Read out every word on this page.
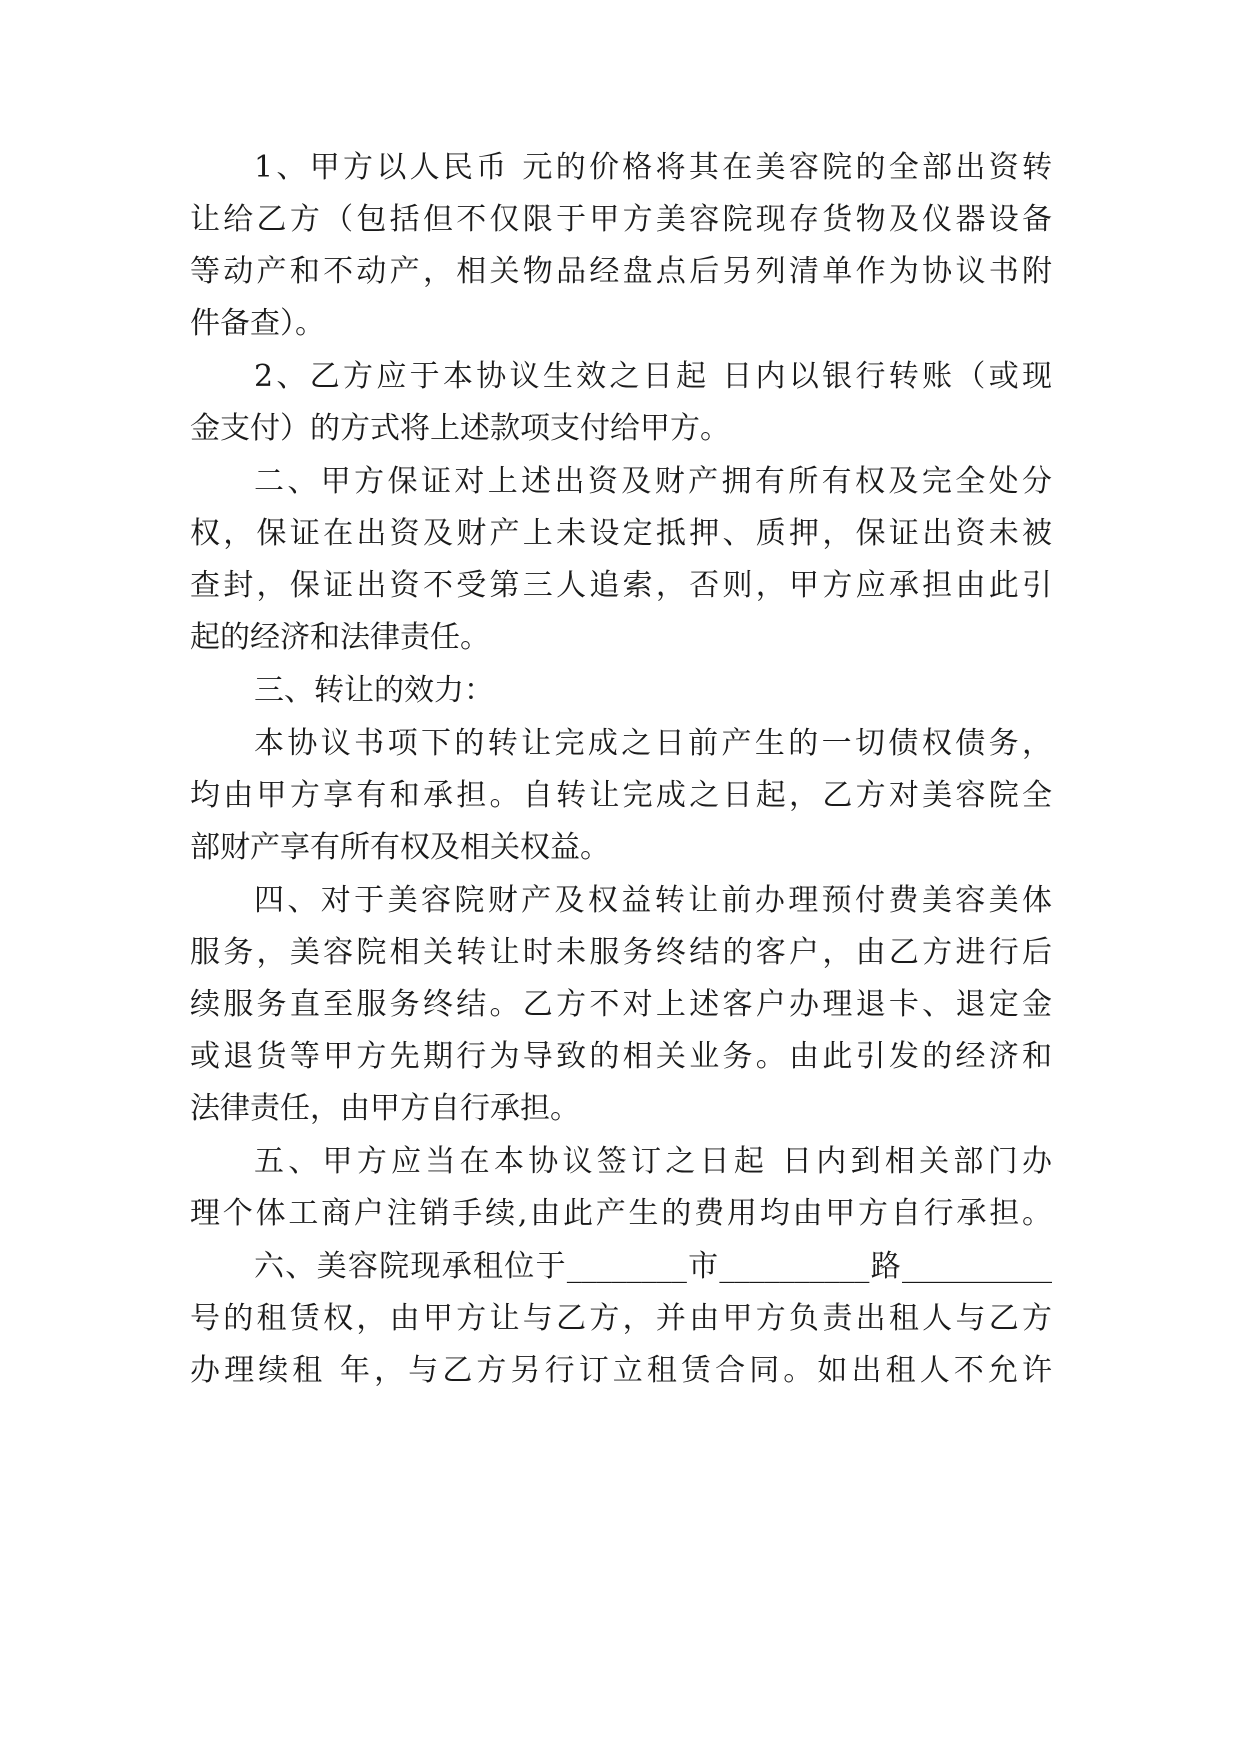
1、甲方以人民币 元的价格将其在美容院的全部出资转
让给乙方（包括但不仅限于甲方美容院现存货物及仪器设备
等动产和不动产，相关物品经盘点后另列清单作为协议书附
件备查）。
2、乙方应于本协议生效之日起 日内以银行转账（或现
金支付）的方式将上述款项支付给甲方。
二、甲方保证对上述出资及财产拥有所有权及完全处分
权，保证在出资及财产上未设定抵押、质押，保证出资未被
查封，保证出资不受第三人追索，否则，甲方应承担由此引
起的经济和法律责任。
三、转让的效力：
本协议书项下的转让完成之日前产生的一切债权债务，
均由甲方享有和承担。自转让完成之日起，乙方对美容院全
部财产享有所有权及相关权益。
四、对于美容院财产及权益转让前办理预付费美容美体
服务，美容院相关转让时未服务终结的客户，由乙方进行后
续服务直至服务终结。乙方不对上述客户办理退卡、退定金
或退货等甲方先期行为导致的相关业务。由此引发的经济和
法律责任，由甲方自行承担。
五、甲方应当在本协议签订之日起 日内到相关部门办
理个体工商户注销手续,由此产生的费用均由甲方自行承担。
六、美容院现承租位于________市__________路__________
号的租赁权，由甲方让与乙方，并由甲方负责出租人与乙方
办理续租 年，与乙方另行订立租赁合同。如出租人不允许
